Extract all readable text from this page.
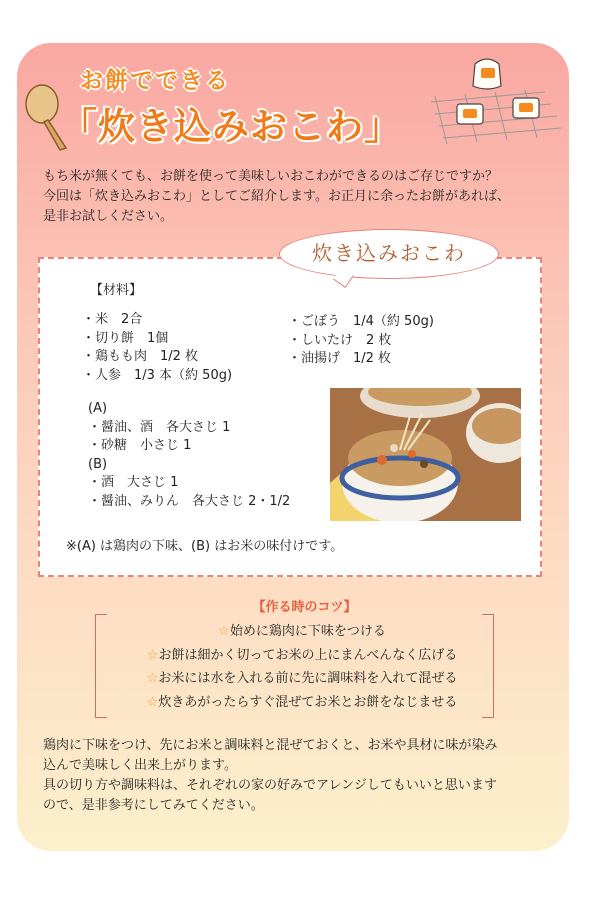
お餅でできる
「炊き込みおこわ」
もち米が無くても、お餅を使って美味しいおこわができるのはご存じですか？
今回は「炊き込みおこわ」としてご紹介します。お正月に余ったお餅があれば、
是非お試しください。
炊き込みおこわ
【材料】
・米　2合
・切り餅　1個
・鶏もも肉　1/2 枚
・人参　1/3 本（約 50g)
・ごぼう　1/4（約 50g)
・しいたけ　2 枚
・油揚げ　1/2 枚
(A)
・醤油、酒　各大さじ 1
・砂糖　小さじ 1
(B)
・酒　大さじ 1
・醤油、みりん　各大さじ 2・1/2
※(A) は鶏肉の下味、(B) はお米の味付けです。
【作る時のコツ】
☆始めに鶏肉に下味をつける
☆お餅は細かく切ってお米の上にまんべんなく広げる
☆お米には水を入れる前に先に調味料を入れて混ぜる
☆炊きあがったらすぐ混ぜてお米とお餅をなじませる
鶏肉に下味をつけ、先にお米と調味料と混ぜておくと、お米や具材に味が染み
込んで美味しく出来上がります。
具の切り方や調味料は、それぞれの家の好みでアレンジしてもいいと思います
ので、是非参考にしてみてください。
